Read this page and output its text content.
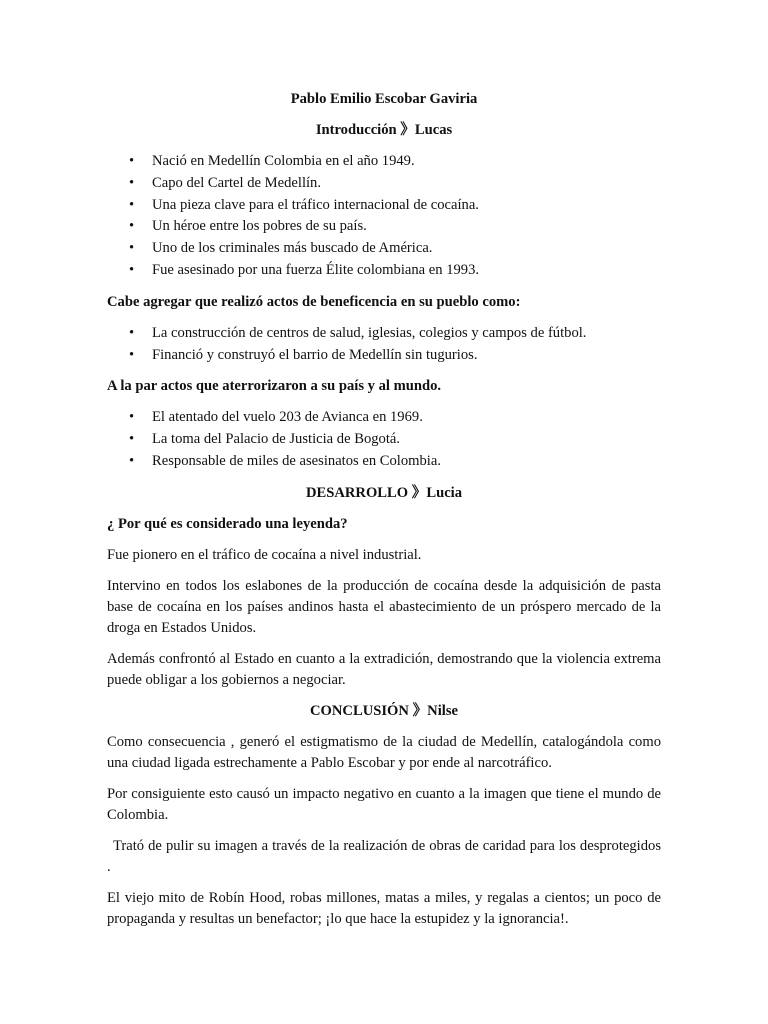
Pablo Emilio Escobar Gaviria

Introducción 》Lucas

• Nació en Medellín Colombia en el año 1949.
• Capo del Cartel de Medellín.
• Una pieza clave para el tráfico internacional de cocaína.
• Un héroe entre los pobres de su país.
• Uno de los criminales más buscado de América.
• Fue asesinado por una fuerza Élite colombiana en 1993.

Cabe agregar que realizó actos de beneficencia en su pueblo como:

• La construcción de centros de salud, iglesias, colegios y campos de fútbol.
• Financió y construyó el barrio de Medellín sin tugurios.

A la par actos que aterrorizaron a su país y al mundo.

• El atentado del vuelo 203 de Avianca en 1969.
• La toma del Palacio de Justicia de Bogotá.
• Responsable de miles de asesinatos en Colombia.

DESARROLLO 》Lucia

¿ Por qué es considerado una leyenda?

Fue pionero en el tráfico de cocaína a nivel industrial.

Intervino en todos los eslabones de la producción de cocaína desde la adquisición de pasta base de cocaína en los países andinos hasta el abastecimiento de un próspero mercado de la droga en Estados Unidos.

Además confrontó al Estado en cuanto a la extradición, demostrando que la violencia extrema puede obligar a los gobiernos a negociar.

CONCLUSIÓN 》Nilse

Como consecuencia , generó el estigmatismo de la ciudad de Medellín, catalogándola como una ciudad ligada estrechamente a Pablo Escobar y por ende al narcotráfico.

Por consiguiente esto causó un impacto negativo en cuanto a la imagen que tiene el mundo de Colombia.

Trató de pulir su imagen a través de la realización de obras de caridad para los desprotegidos .

El viejo mito de Robín Hood, robas millones, matas a miles, y regalas a cientos; un poco de propaganda y resultas un benefactor; ¡lo que hace la estupidez y la ignorancia!.
